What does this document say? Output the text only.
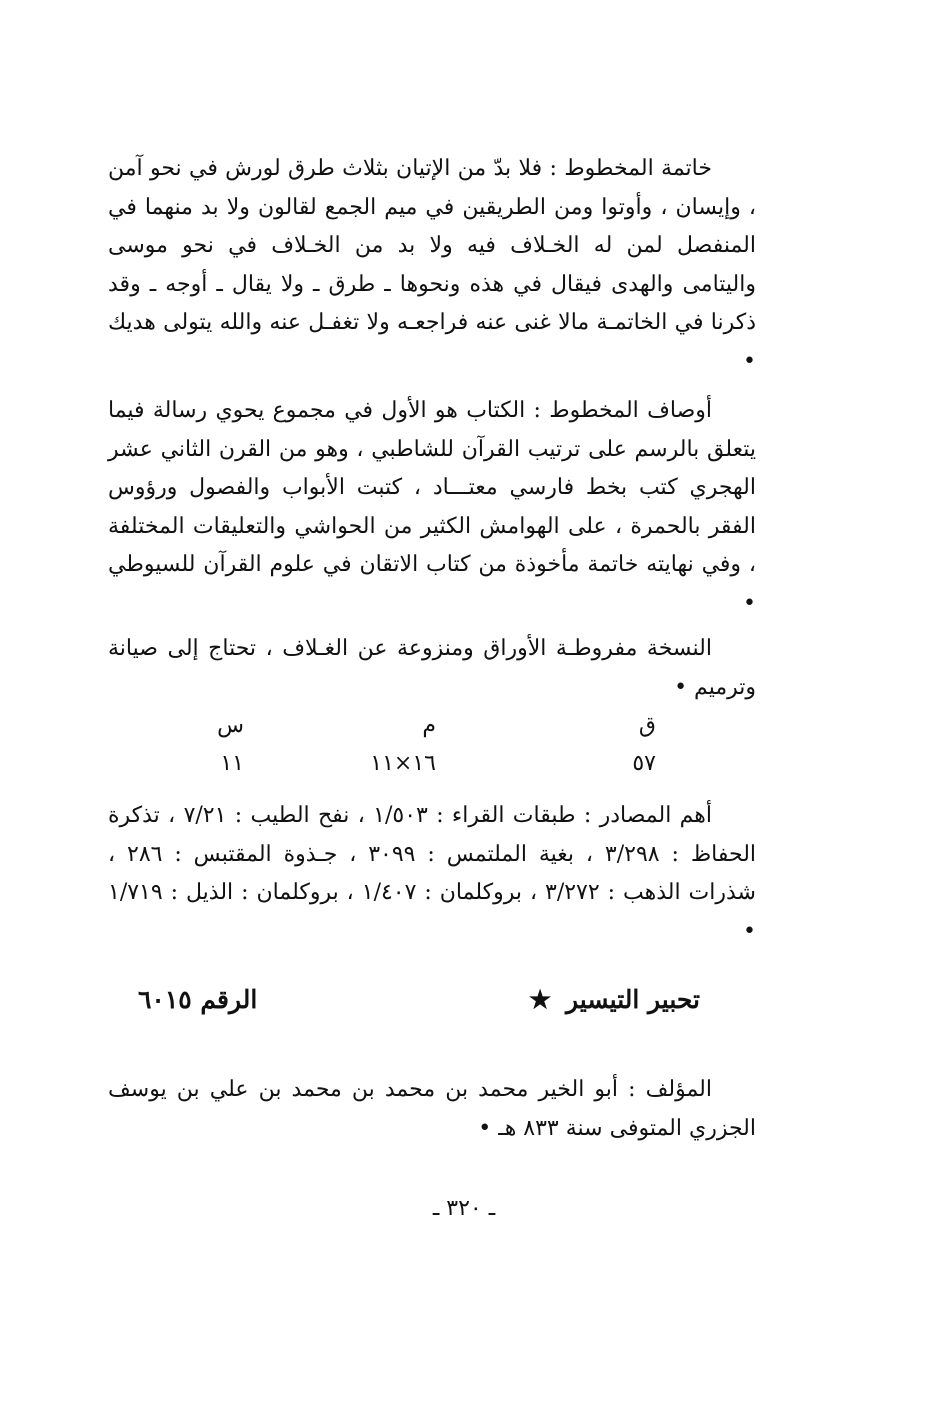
خاتمة المخطوط : فلا بدّ من الإتيان بثلاث طرق لورش في نحو آمن ، وإيسان ، وأوتوا ومن الطريقين في ميم الجمع لقالون ولا بد منهما في المنفصل لمن له الخـلاف فيه ولا بد من الخـلاف في نحو موسى واليتامى والهدى فيقال في هذه ونحوها ـ طرق ـ ولا يقال ـ أوجه ـ وقد ذكرنا في الخاتمـة مالا غنى عنه فراجعـه ولا تغفـل عنه والله يتولى هديك •

أوصاف المخطوط : الكتاب هو الأول في مجموع يحوي رسالة فيما يتعلق بالرسم على ترتيب القرآن للشاطبي ، وهو من القرن الثاني عشر الهجري كتب بخط فارسي معتـــاد ، كتبت الأبواب والفصول ورؤوس الفقر بالحمرة ، على الهوامش الكثير من الحواشي والتعليقات المختلفة ، وفي نهايته خاتمة مأخوذة من كتاب الاتقان في علوم القرآن للسيوطي •

النسخة مفروطـة الأوراق ومنزوعة عن الغـلاف ، تحتاج إلى صيانة وترميم •

ق
م
س
٥٧
١٦×١١
١١

أهم المصادر : طبقات القراء : ١/٥٠٣ ، نفح الطيب : ٧/٢١ ، تذكرة الحفاظ : ٣/٢٩٨ ، بغية الملتمس : ٣٠٩٩ ، جـذوة المقتبس : ٢٨٦ ، شذرات الذهب : ٣/٢٧٢ ، بروكلمان : ١/٤٠٧ ، بروكلمان : الذيل : ١/٧١٩ •

تحبير التيسير ★
الرقم ٦٠١٥

المؤلف : أبو الخير محمد بن محمد بن محمد بن علي بن يوسف الجزري المتوفى سنة ٨٣٣ هـ •

ـ ٣٢٠ ـ
